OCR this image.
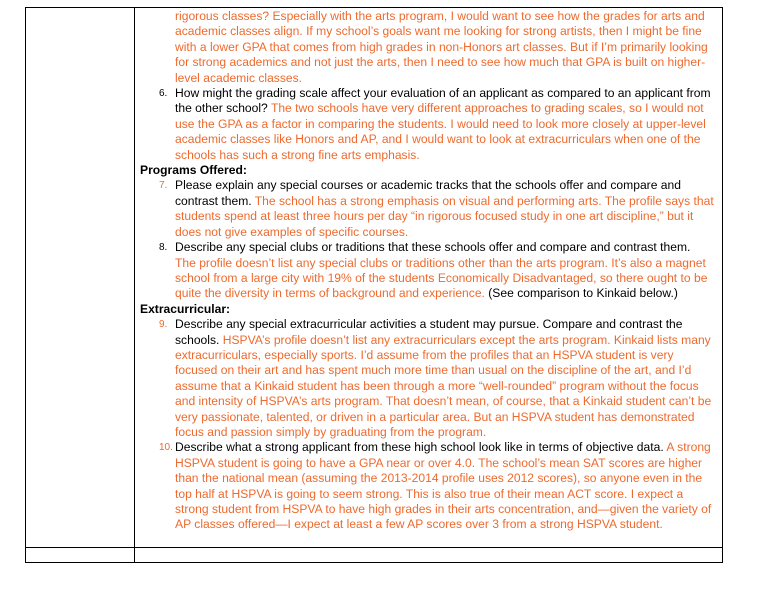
rigorous classes? Especially with the arts program, I would want to see how the grades for arts and academic classes align. If my school’s goals want me looking for strong artists, then I might be fine with a lower GPA that comes from high grades in non-Honors art classes. But if I’m primarily looking for strong academics and not just the arts, then I need to see how much that GPA is built on higher-level academic classes.
6. How might the grading scale affect your evaluation of an applicant as compared to an applicant from the other school? The two schools have very different approaches to grading scales, so I would not use the GPA as a factor in comparing the students. I would need to look more closely at upper-level academic classes like Honors and AP, and I would want to look at extracurriculars when one of the schools has such a strong fine arts emphasis.
Programs Offered:
7. Please explain any special courses or academic tracks that the schools offer and compare and contrast them. The school has a strong emphasis on visual and performing arts. The profile says that students spend at least three hours per day “in rigorous focused study in one art discipline,” but it does not give examples of specific courses.
8. Describe any special clubs or traditions that these schools offer and compare and contrast them. The profile doesn’t list any special clubs or traditions other than the arts program. It’s also a magnet school from a large city with 19% of the students Economically Disadvantaged, so there ought to be quite the diversity in terms of background and experience. (See comparison to Kinkaid below.)
Extracurricular:
9. Describe any special extracurricular activities a student may pursue. Compare and contrast the schools. HSPVA’s profile doesn’t list any extracurriculars except the arts program. Kinkaid lists many extracurriculars, especially sports. I’d assume from the profiles that an HSPVA student is very focused on their art and has spent much more time than usual on the discipline of the art, and I’d assume that a Kinkaid student has been through a more “well-rounded” program without the focus and intensity of HSPVA’s arts program. That doesn’t mean, of course, that a Kinkaid student can’t be very passionate, talented, or driven in a particular area. But an HSPVA student has demonstrated focus and passion simply by graduating from the program.
10. Describe what a strong applicant from these high school look like in terms of objective data. A strong HSPVA student is going to have a GPA near or over 4.0. The school’s mean SAT scores are higher than the national mean (assuming the 2013-2014 profile uses 2012 scores), so anyone even in the top half at HSPVA is going to seem strong. This is also true of their mean ACT score. I expect a strong student from HSPVA to have high grades in their arts concentration, and—given the variety of AP classes offered—I expect at least a few AP scores over 3 from a strong HSPVA student.
